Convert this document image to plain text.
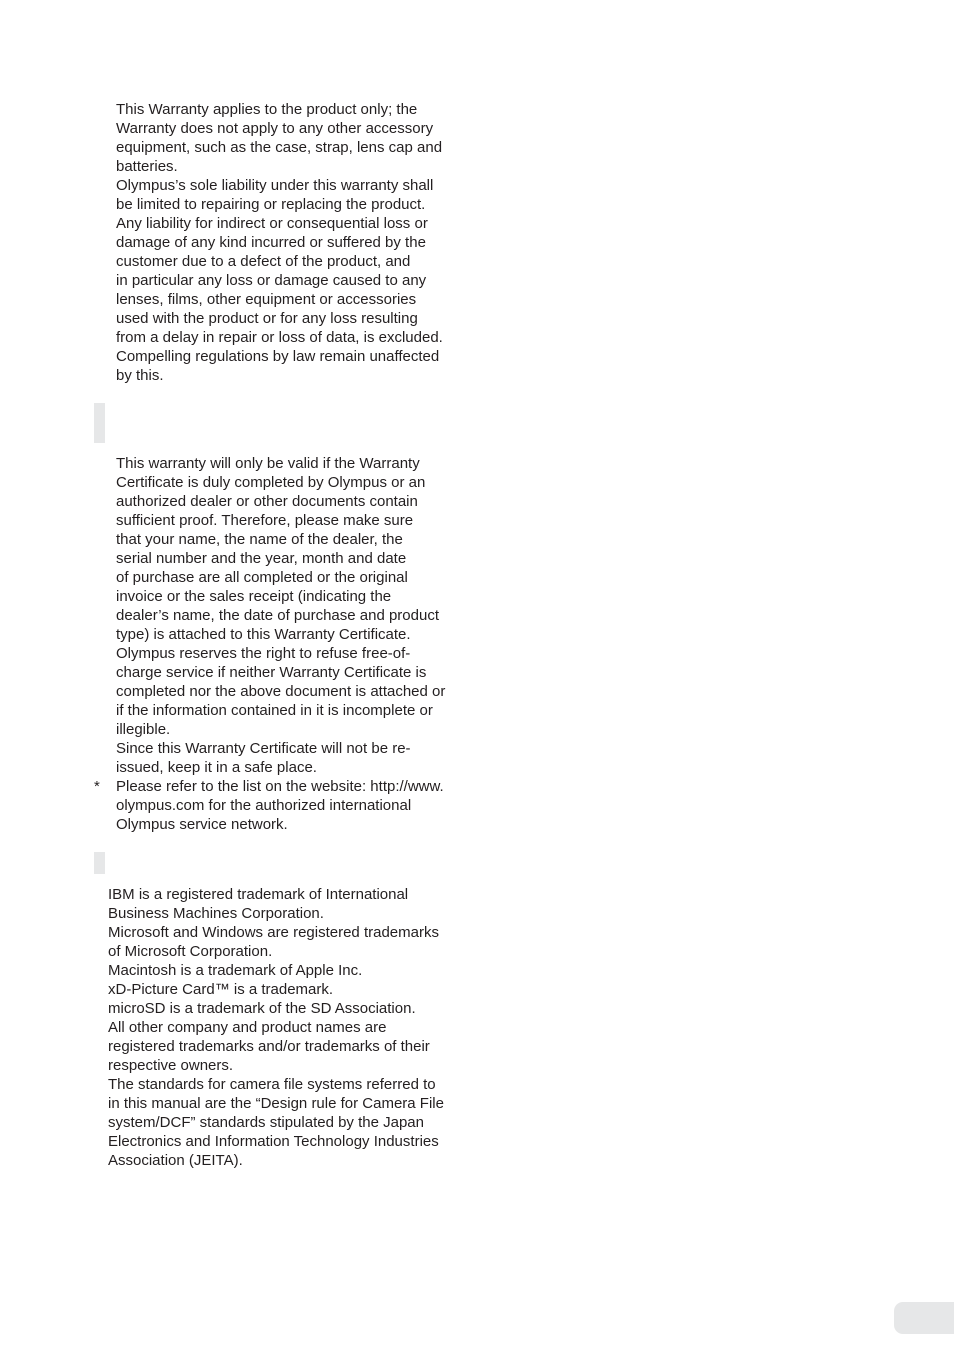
This Warranty applies to the product only; the
Warranty does not apply to any other accessory
equipment, such as the case, strap, lens cap and
batteries.
Olympus’s sole liability under this warranty shall
be limited to repairing or replacing the product.
Any liability for indirect or consequential loss or
damage of any kind incurred or suffered by the
customer due to a defect of the product, and
in particular any loss or damage caused to any
lenses, films, other equipment or accessories
used with the product or for any loss resulting
from a delay in repair or loss of data, is excluded.
Compelling regulations by law remain unaffected
by this.
This warranty will only be valid if the Warranty
Certificate is duly completed by Olympus or an
authorized dealer or other documents contain
sufficient proof. Therefore, please make sure
that your name, the name of the dealer, the
serial number and the year, month and date
of purchase are all completed or the original
invoice or the sales receipt (indicating the
dealer’s name, the date of purchase and product
type) is attached to this Warranty Certificate.
Olympus reserves the right to refuse free-of-
charge service if neither Warranty Certificate is
completed nor the above document is attached or
if the information contained in it is incomplete or
illegible.
Since this Warranty Certificate will not be re-
issued, keep it in a safe place.
Please refer to the list on the website: http://www.
olympus.com for the authorized international
Olympus service network.
*
IBM is a registered trademark of International
Business Machines Corporation.
Microsoft and Windows are registered trademarks
of Microsoft Corporation.
Macintosh is a trademark of Apple Inc.
xD-Picture Card™ is a trademark.
microSD is a trademark of the SD Association.
All other company and product names are
registered trademarks and/or trademarks of their
respective owners.
The standards for camera file systems referred to
in this manual are the “Design rule for Camera File
system/DCF” standards stipulated by the Japan
Electronics and Information Technology Industries
Association (JEITA).
